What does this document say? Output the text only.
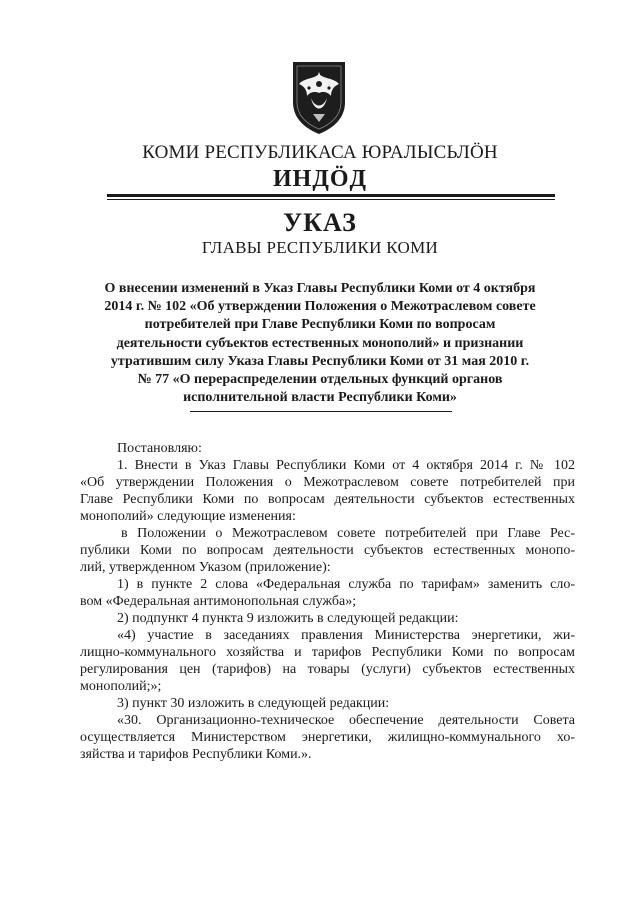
КОМИ РЕСПУБЛИКАСА ЮРАЛЫСЬЛÖН
ИНДÖД
УКАЗ
ГЛАВЫ РЕСПУБЛИКИ КОМИ
О внесении изменений в Указ Главы Республики Коми от 4 октября
2014 г. № 102 «Об утверждении Положения о Межотраслевом совете
потребителей при Главе Республики Коми по вопросам
деятельности субъектов естественных монополий» и признании
утратившим силу Указа Главы Республики Коми от 31 мая 2010 г.
№ 77 «О перераспределении отдельных функций органов
исполнительной власти Республики Коми»
Постановляю:
1. Внести в Указ Главы Республики Коми от 4 октября 2014 г. № 102
«Об утверждении Положения о Межотраслевом совете потребителей при
Главе Республики Коми по вопросам деятельности субъектов естественных
монополий» следующие изменения:
в Положении о Межотраслевом совете потребителей при Главе Рес-
публики Коми по вопросам деятельности субъектов естественных монопо-
лий, утвержденном Указом (приложение):
1) в пункте 2 слова «Федеральная служба по тарифам» заменить сло-
вом «Федеральная антимонопольная служба»;
2) подпункт 4 пункта 9 изложить в следующей редакции:
«4) участие в заседаниях правления Министерства энергетики, жи-
лищно-коммунального хозяйства и тарифов Республики Коми по вопросам
регулирования цен (тарифов) на товары (услуги) субъектов естественных
монополий;»;
3) пункт 30 изложить в следующей редакции:
«30. Организационно-техническое обеспечение деятельности Совета
осуществляется Министерством энергетики, жилищно-коммунального хо-
зяйства и тарифов Республики Коми.».
